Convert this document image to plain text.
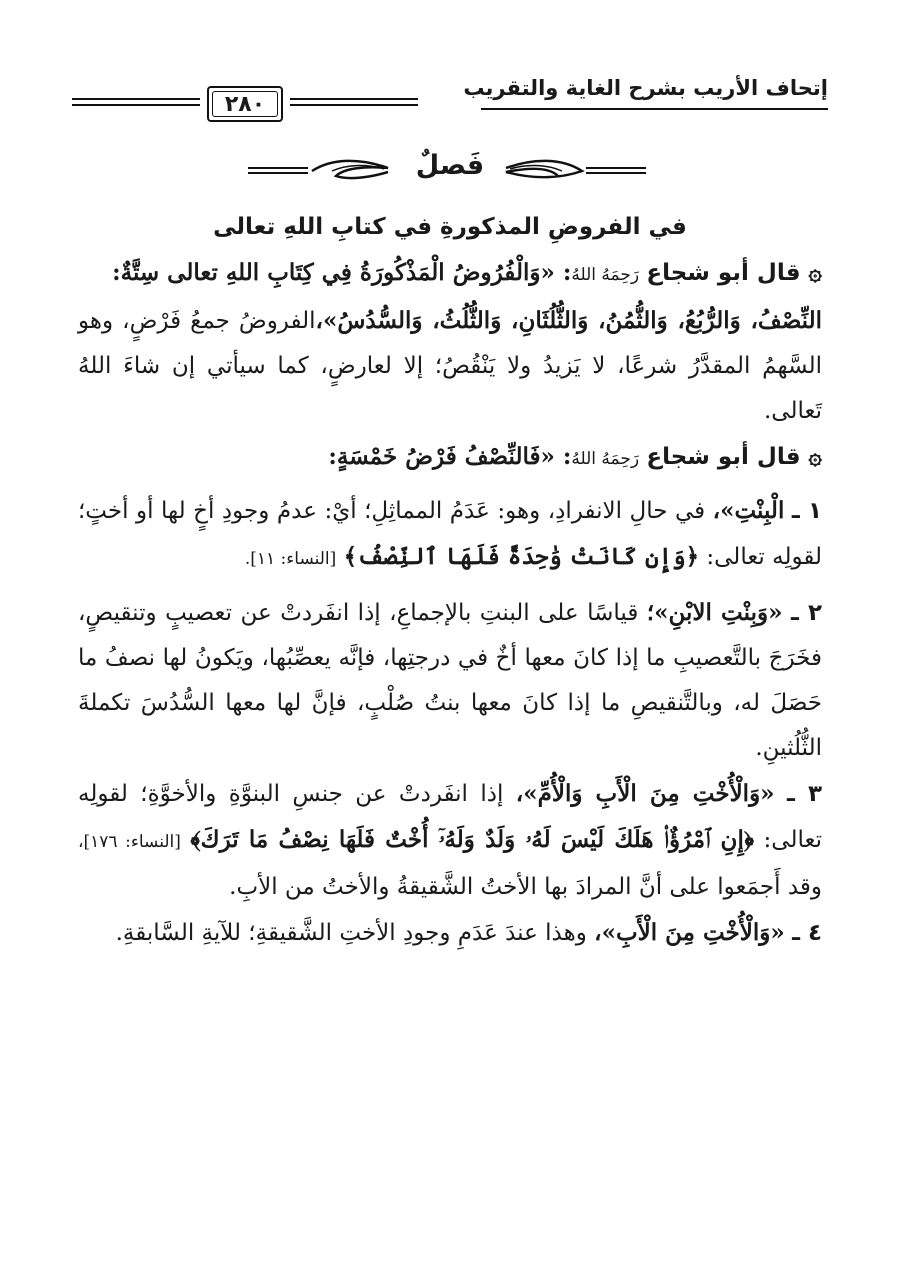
إتحاف الأريب بشرح الغاية والتقريب
٢٨٠
فَصلٌ

في الفروضِ المذكورةِ في كتابِ اللهِ تعالى

۞ قال أبو شجاع رَحِمَهُ اللهُ: «وَالْفُرُوضُ الْمَذْكُورَةُ فِي كِتَابِ اللهِ تعالى سِتَّةٌ:

النِّصْفُ، وَالرُّبُعُ، وَالثُّمُنُ، وَالثُّلُثَانِ، وَالثُّلُثُ، وَالسُّدُسُ»،الفروضُ جمعُ فَرْضٍ، وهو السَّهمُ المقدَّرُ شرعًا، لا يَزيدُ ولا يَنْقُصُ؛ إلا لعارضٍ، كما سيأتي إن شاءَ اللهُ تَعالى.

۞ قال أبو شجاع رَحِمَهُ اللهُ: «فَالنِّصْفُ فَرْضُ خَمْسَةٍ:

١ ـ الْبِنْتِ»، في حالِ الانفرادِ، وهو: عَدَمُ المماثِلِ؛ أيْ: عدمُ وجودِ أخٍ لها أو أختٍ؛ لقولِه تعالى: ﴿وَإِن كَانَتْ وَٰحِدَةً فَلَهَا ٱلنِّصْفُ﴾ [النساء: ١١].

٢ ـ «وَبِنْتِ الابْنِ»؛ قياسًا على البنتِ بالإجماعِ، إذا انفَردتْ عن تعصيبٍ وتنقيصٍ، فخَرَجَ بالتَّعصيبِ ما إذا كانَ معها أخٌ في درجتِها، فإنَّه يعصِّبُها، ويَكونُ لها نصفُ ما حَصَلَ له، وبالتَّنقيصِ ما إذا كانَ معها بنتُ صُلْبٍ، فإنَّ لها معها السُّدُسَ تكملةَ الثُّلُثينِ.

٣ ـ «وَالْأُخْتِ مِنَ الْأَبِ وَالْأُمِّ»، إذا انفَردتْ عن جنسِ البنوَّةِ والأخوَّةِ؛ لقولِه تعالى: ﴿إِنِ ٱمْرُؤٌا۟ هَلَكَ لَيْسَ لَهُۥ وَلَدٌ وَلَهُۥٓ أُخْتٌ فَلَهَا نِصْفُ مَا تَرَكَ﴾ [النساء: ١٧٦]، وقد أَجمَعوا على أنَّ المرادَ بها الأختُ الشَّقيقةُ والأختُ من الأبِ.

٤ ـ «وَالْأُخْتِ مِنَ الْأَبِ»، وهذا عندَ عَدَمِ وجودِ الأختِ الشَّقيقةِ؛ للآيةِ السَّابقةِ.
